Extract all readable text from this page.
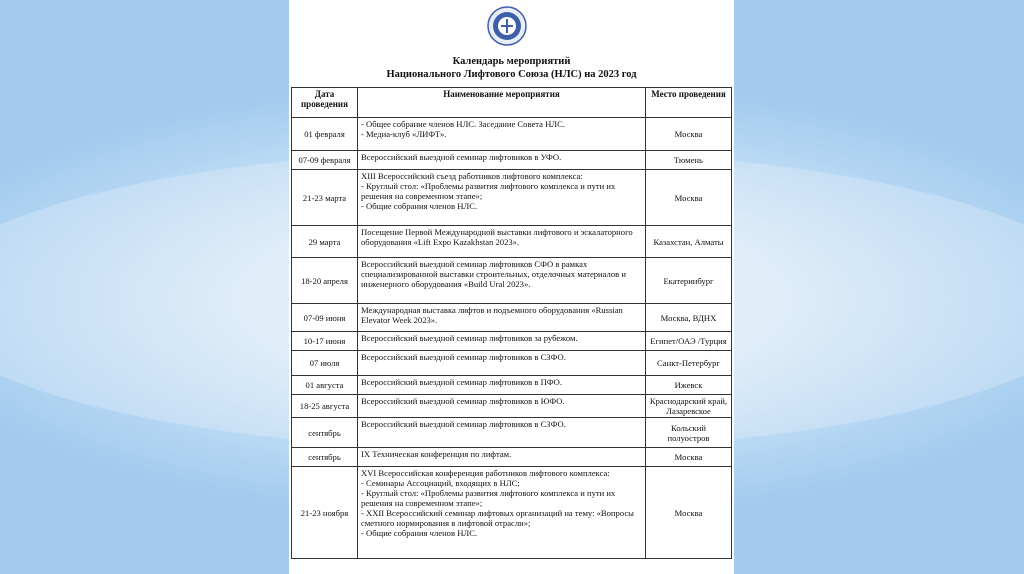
Календарь мероприятий
Национального Лифтового Союза (НЛС) на 2023 год
Дата проведения	Наименование мероприятия	Место проведения
01 февраля	- Общее собрание членов НЛС. Заседание Совета НЛС.
- Медиа-клуб «ЛИФТ».	Москва
07-09 февраля	Всероссийский выездной семинар лифтовиков в УФО.	Тюмень
21-23 марта	XIII Всероссийский съезд работников лифтового комплекса:
- Круглый стол: «Проблемы развития лифтового комплекса и пути их решения на современном этапе»;
- Общие собрания членов НЛС.	Москва
29 марта	Посещение Первой Международной выставки лифтового и эскалаторного оборудования «Lift Expo Kazakhstan 2023».	Казахстан, Алматы
18-20 апреля	Всероссийский выездной семинар лифтовиков СФО в рамках специализированной выставки строительных, отделочных материалов и инженерного оборудования «Build Ural 2023».	Екатеринбург
07-09 июня	Международная выставка лифтов и подъемного оборудования «Russian Elevator Week 2023».	Москва, ВДНХ
10-17 июня	Всероссийский выездной семинар лифтовиков за рубежом.	Египет/ОАЭ /Турция
07 июля	Всероссийский выездной семинар лифтовиков в СЗФО.	Санкт-Петербург
01 августа	Всероссийский выездной семинар лифтовиков в ПФО.	Ижевск
18-25 августа	Всероссийский выездной семинар лифтовиков в ЮФО.	Краснодарский край, Лазаревское
сентябрь	Всероссийский выездной семинар лифтовиков в СЗФО.	Кольский полуостров
сентябрь	IX Техническая конференция по лифтам.	Москва
21-23 ноября	XVI Всероссийская конференция работников лифтового комплекса:
- Семинары Ассоциаций, входящих в НЛС;
- Круглый стол: «Проблемы развития лифтового комплекса и пути их решения на современном этапе»;
- XXII Всероссийский семинар лифтовых организаций на тему: «Вопросы сметного нормирования в лифтовой отрасли»;
- Общие собрания членов НЛС.	Москва
